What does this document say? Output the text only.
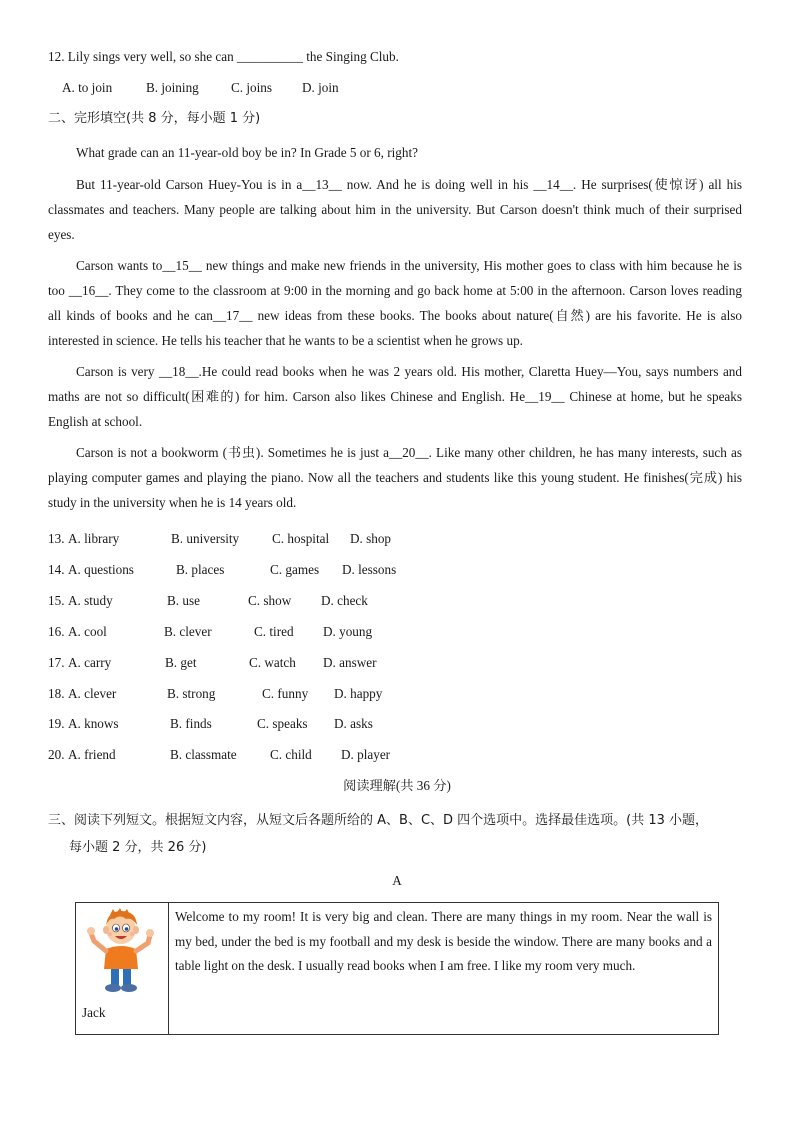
12. Lily sings very well, so she can __________ the Singing Club.
A. to join	B. joining C. joins D. join
二、完形填空(共 8 分，每小题 1 分)

What grade can an 11-year-old boy be in? In Grade 5 or 6, right?

But 11-year-old Carson Huey-You is in a__13__ now. And he is doing well in his __14__. He surprises(使惊讶) all his classmates and teachers. Many people are talking about him in the university. But Carson doesn't think much of their surprised eyes.

Carson wants to__15__ new things and make new friends in the university, His mother goes to class with him because he is too __16__. They come to the classroom at 9:00 in the morning and go back home at 5:00 in the afternoon. Carson loves reading all kinds of books and he can__17__ new ideas from these books. The books about nature(自然) are his favorite. He is also interested in science. He tells his teacher that he wants to be a scientist when he grows up.

Carson is very __18__.He could read books when he was 2 years old. His mother, Claretta Huey—You, says numbers and maths are not so difficult(困难的) for him. Carson also likes Chinese and English. He__19__ Chinese at home, but he speaks English at school.

Carson is not a bookworm (书虫). Sometimes he is just a__20__. Like many other children, he has many interests, such as playing computer games and playing the piano. Now all the teachers and students like this young student. He finishes(完成) his study in the university when he is 14 years old.

13. A. library	B. university C. hospital D. shop
14. A. questions	B. places	C. games D. lessons
15. A. study	B. use	C. show D. check
16. A. cool	B. clever	C. tired D. young
17. A. carry	B. get	C. watch D. answer
18. A. clever	B. strong	C. funny D. happy
19. A. knows	B. finds	C. speaks D. asks
20. A. friend	B. classmate	C. child D. player
阅读理解(共 36 分)
三、阅读下列短文。根据短文内容，从短文后各题所给的 A、B、C、D 四个选项中。选择最佳选项。(共 13 小题，
每小题 2 分，共 26 分)
A
Jack
	Welcome to my room! It is very big and clean. There are many things in my room. Near the wall is my bed, under the bed is my football and my desk is beside the window. There are many books and a table light on the desk. I usually read books when I am free. I like my room very much.
